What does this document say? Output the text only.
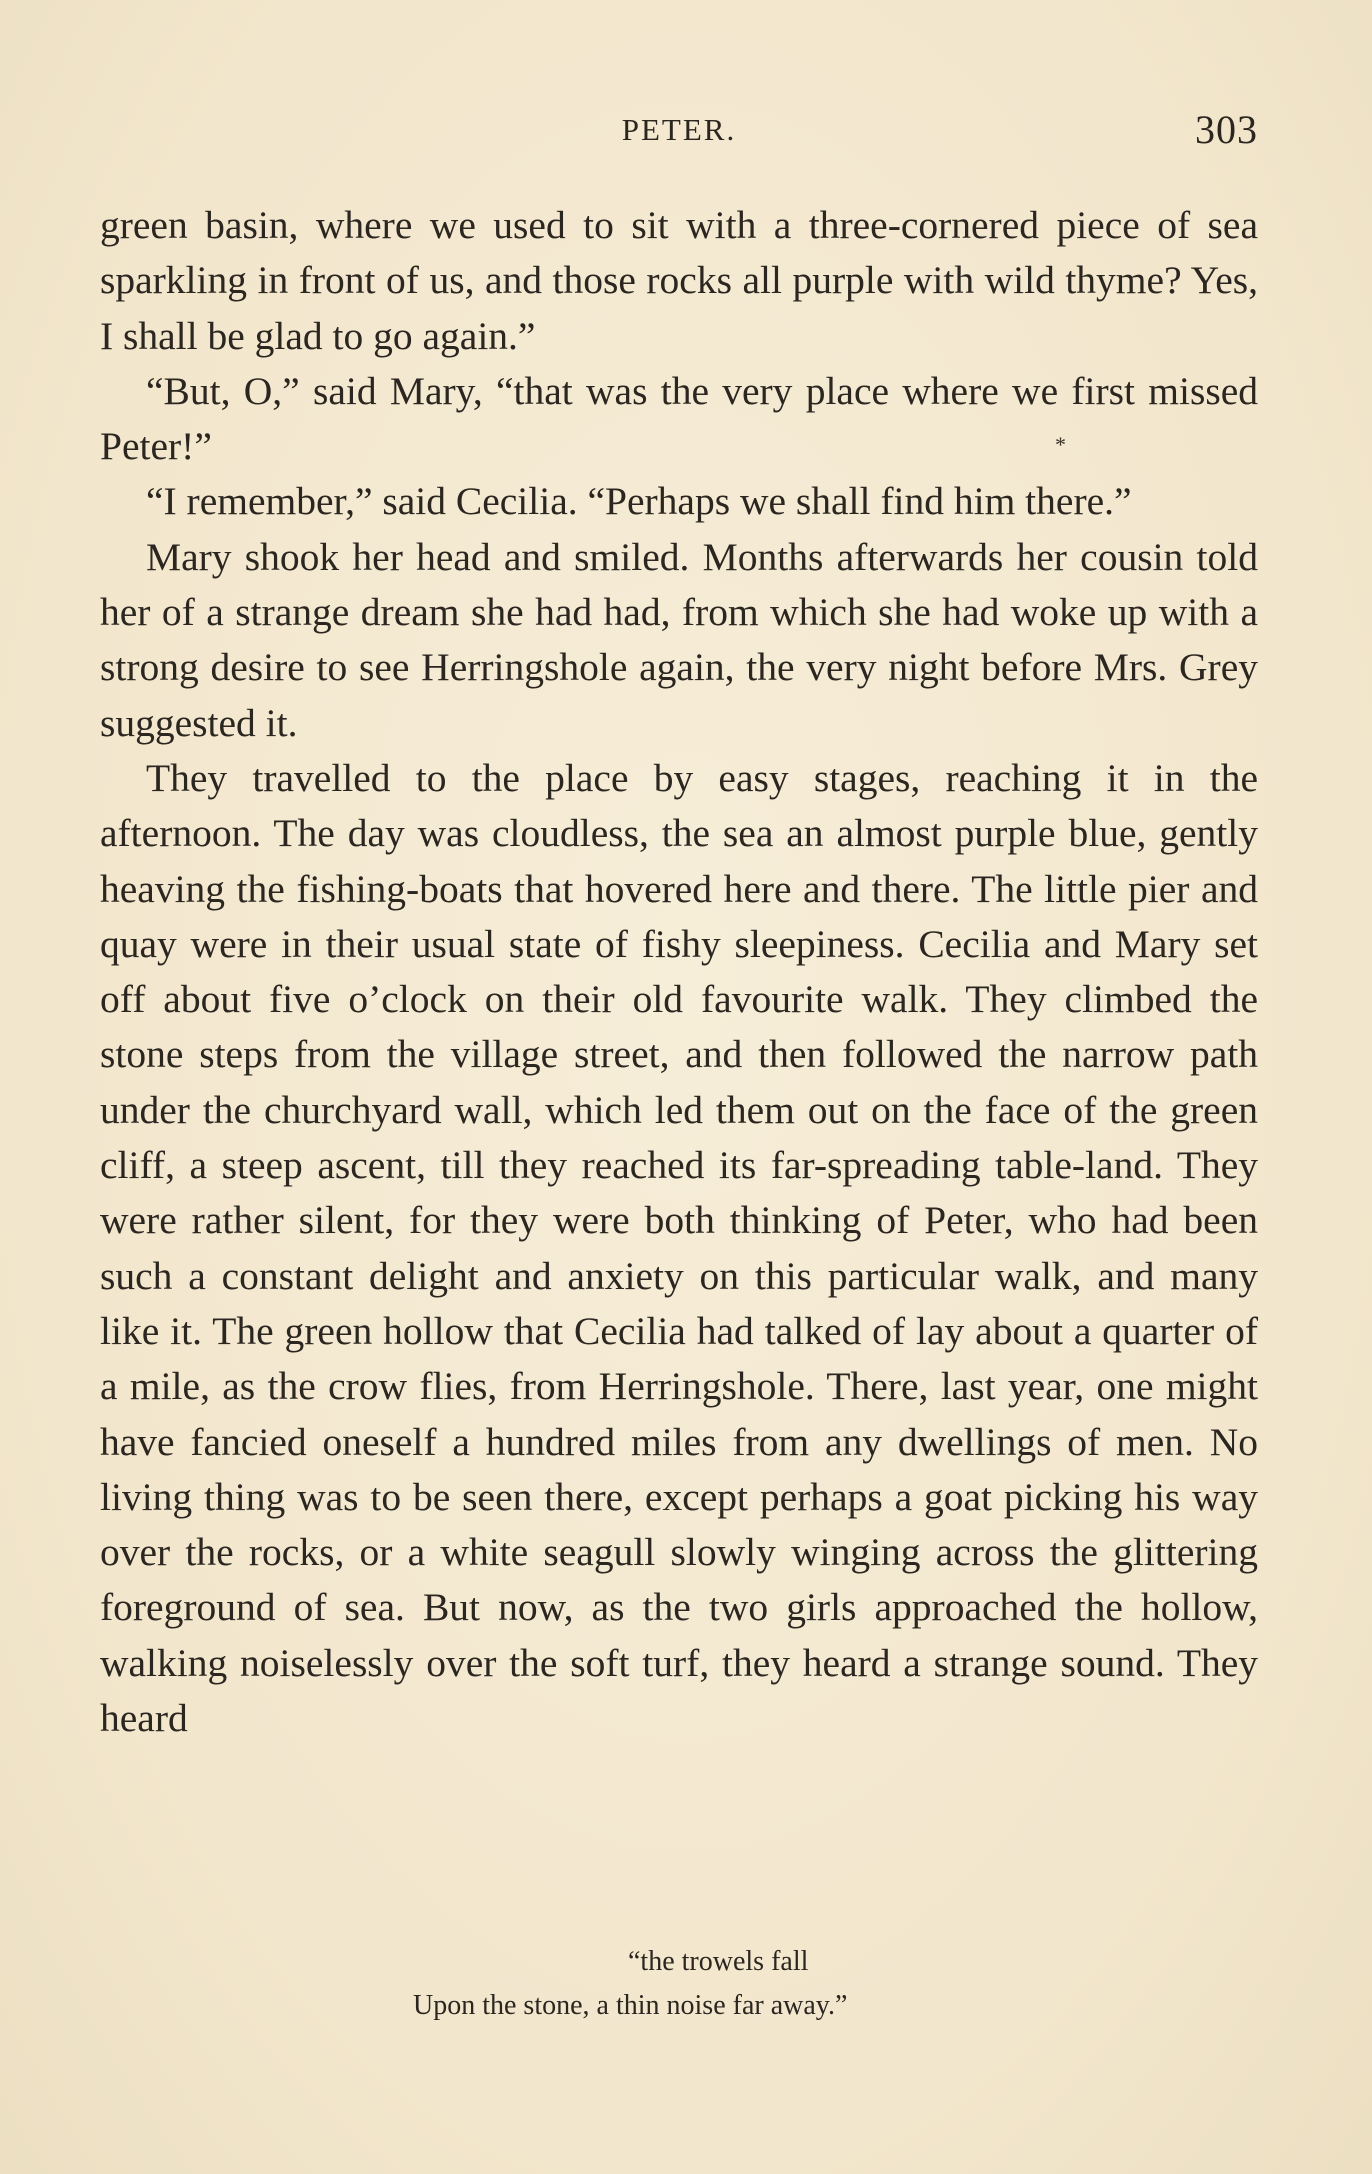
PETER.	303
*

green basin, where we used to sit with a three-cornered piece of sea sparkling in front of us, and those rocks all purple with wild thyme? Yes, I shall be glad to go again.”

“But, O,” said Mary, “that was the very place where we first missed Peter!”

“I remember,” said Cecilia. “Perhaps we shall find him there.”

Mary shook her head and smiled. Months afterwards her cousin told her of a strange dream she had had, from which she had woke up with a strong desire to see Herringshole again, the very night before Mrs. Grey suggested it.

They travelled to the place by easy stages, reaching it in the afternoon. The day was cloudless, the sea an almost purple blue, gently heaving the fishing-boats that hovered here and there. The little pier and quay were in their usual state of fishy sleepiness. Cecilia and Mary set off about five o’clock on their old favourite walk. They climbed the stone steps from the village street, and then followed the narrow path under the churchyard wall, which led them out on the face of the green cliff, a steep ascent, till they reached its far-spreading table-land. They were rather silent, for they were both thinking of Peter, who had been such a constant delight and anxiety on this particular walk, and many like it. The green hollow that Cecilia had talked of lay about a quarter of a mile, as the crow flies, from Herringshole. There, last year, one might have fancied oneself a hundred miles from any dwellings of men. No living thing was to be seen there, except perhaps a goat picking his way over the rocks, or a white seagull slowly winging across the glittering foreground of sea. But now, as the two girls approached the hollow, walking noiselessly over the soft turf, they heard a strange sound. They heard

“the trowels fall
Upon the stone, a thin noise far away.”
